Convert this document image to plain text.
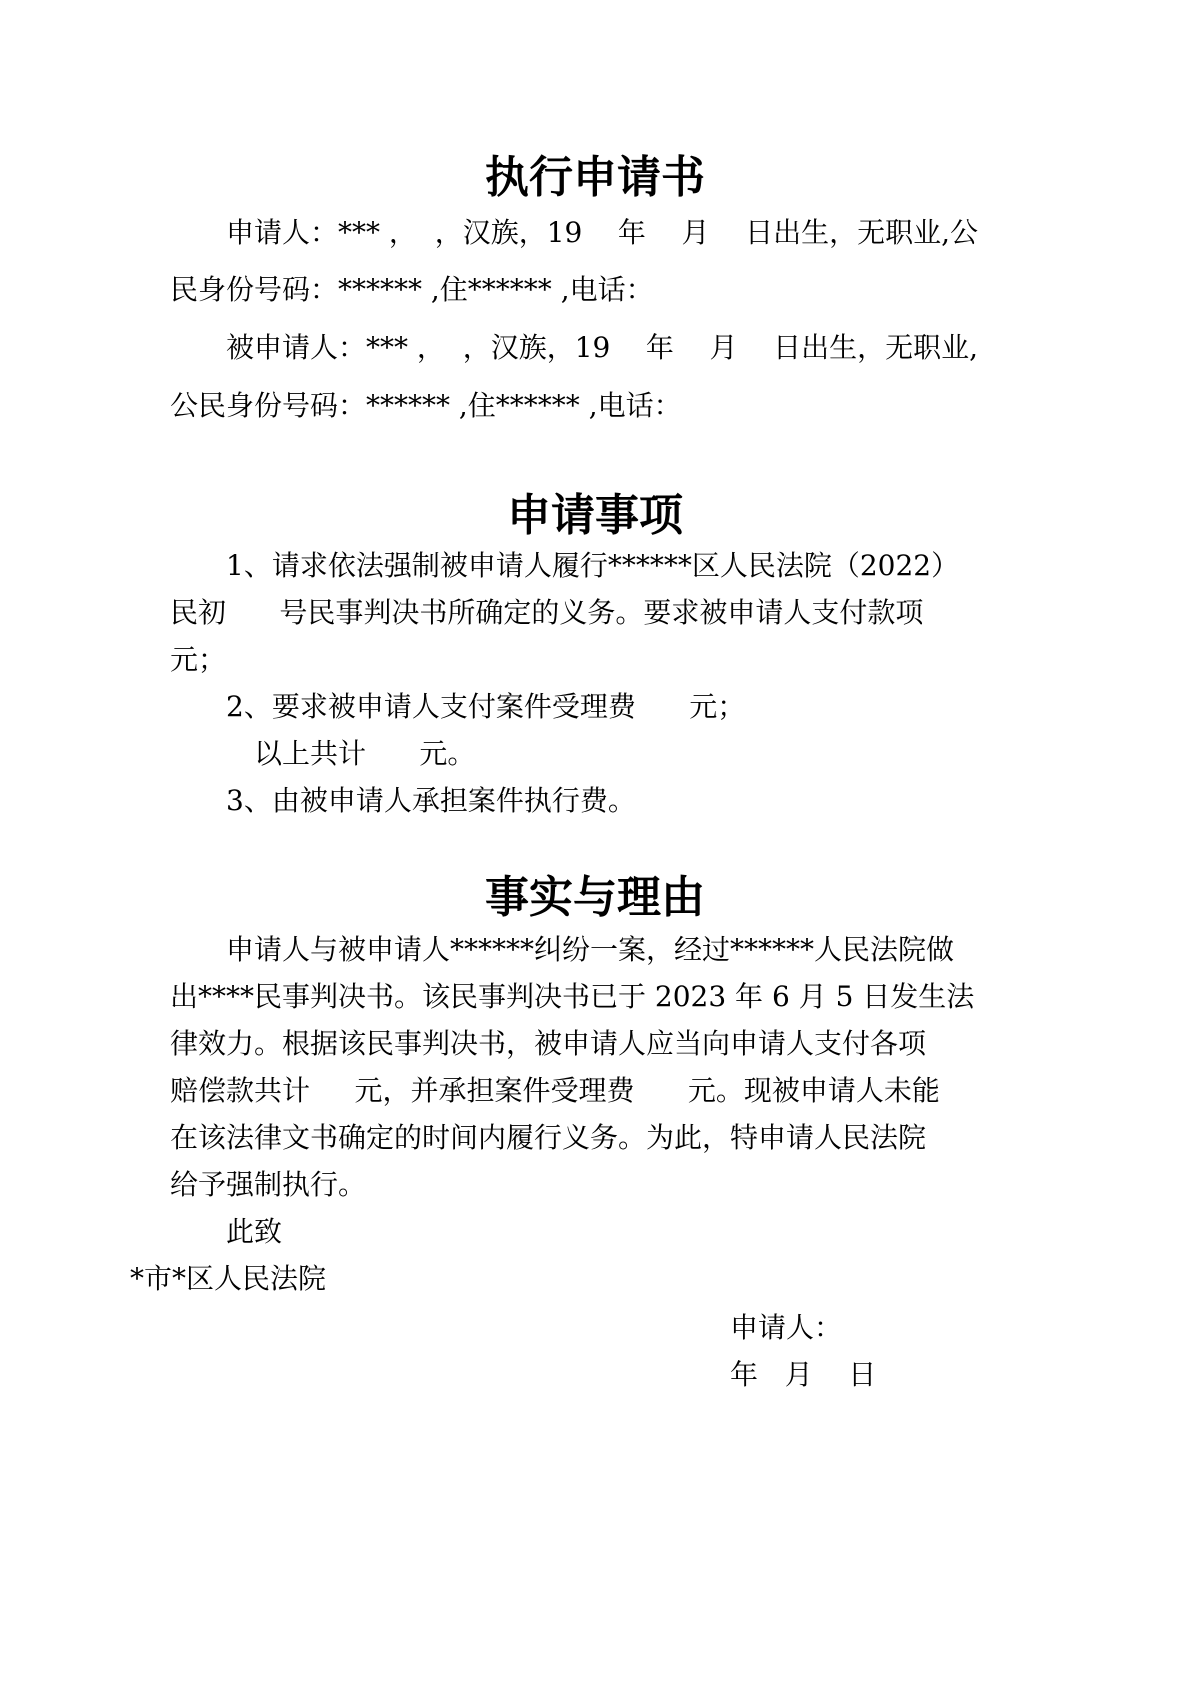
执行申请书

申请人：*** ，  ，汉族，19    年    月    日出生，无职业,公

民身份号码：****** ,住****** ,电话：

被申请人：*** ，  ，汉族，19    年    月    日出生，无职业,

公民身份号码：****** ,住****** ,电话：

申请事项

1、请求依法强制被申请人履行******区人民法院（2022）

民初      号民事判决书所确定的义务。要求被申请人支付款项

元；

2、要求被申请人支付案件受理费      元；

以上共计      元。

3、由被申请人承担案件执行费。

事实与理由

申请人与被申请人******纠纷一案，经过******人民法院做

出****民事判决书。该民事判决书已于 2023 年 6 月 5 日发生法

律效力。根据该民事判决书，被申请人应当向申请人支付各项

赔偿款共计     元，并承担案件受理费      元。现被申请人未能

在该法律文书确定的时间内履行义务。为此，特申请人民法院

给予强制执行。

此致

*市*区人民法院

申请人：

年   月    日
